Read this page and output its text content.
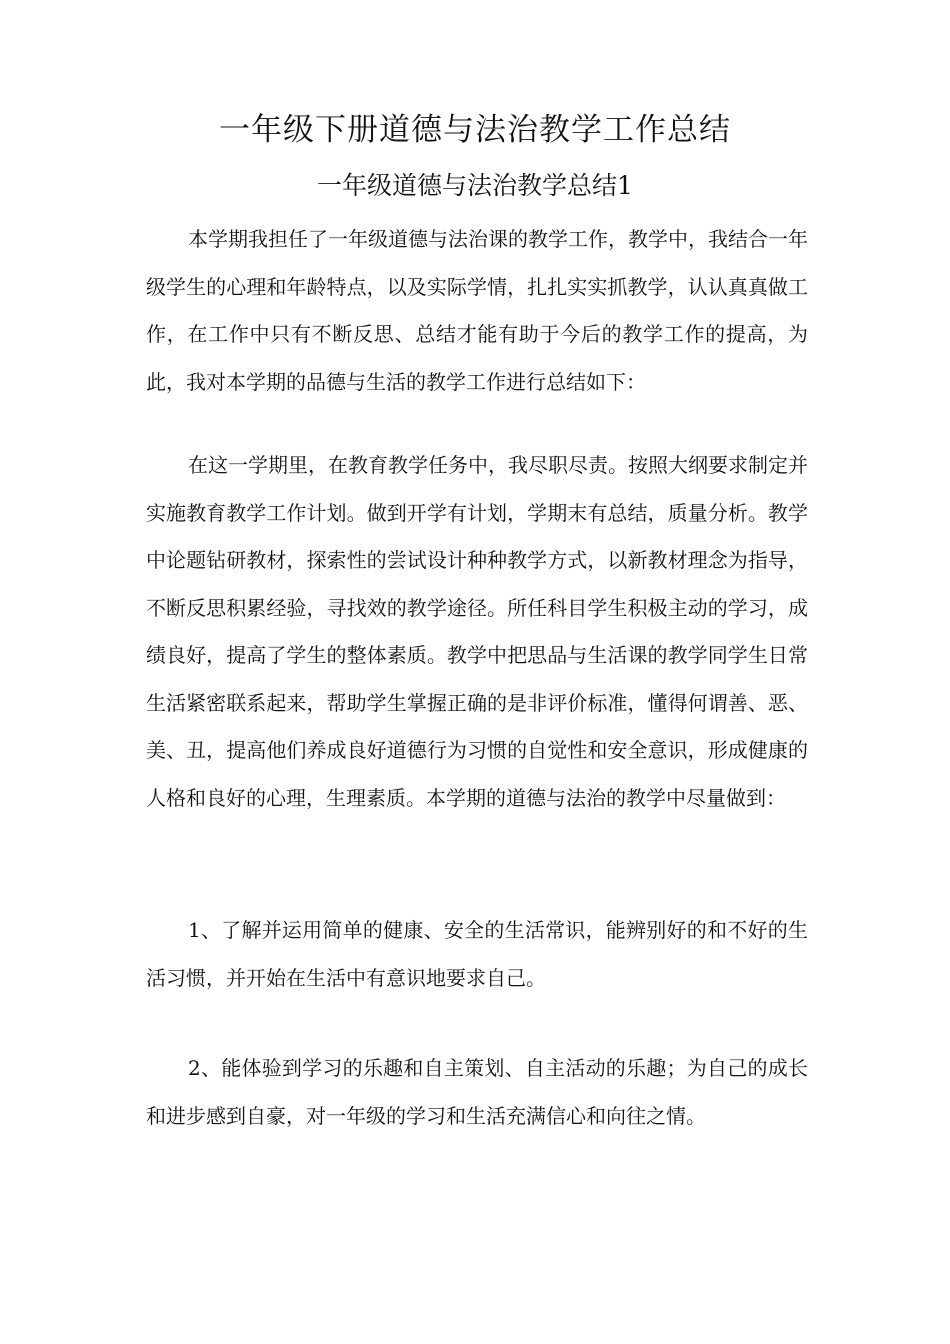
一年级下册道德与法治教学工作总结
一年级道德与法治教学总结1

本学期我担任了一年级道德与法治课的教学工作，教学中，我结合一年级学生的心理和年龄特点，以及实际学情，扎扎实实抓教学，认认真真做工作，在工作中只有不断反思、总结才能有助于今后的教学工作的提高，为此，我对本学期的品德与生活的教学工作进行总结如下：

在这一学期里，在教育教学任务中，我尽职尽责。按照大纲要求制定并实施教育教学工作计划。做到开学有计划，学期末有总结，质量分析。教学中论题钻研教材，探索性的尝试设计种种教学方式，以新教材理念为指导，不断反思积累经验，寻找效的教学途径。所任科目学生积极主动的学习，成绩良好，提高了学生的整体素质。教学中把思品与生活课的教学同学生日常生活紧密联系起来，帮助学生掌握正确的是非评价标准，懂得何谓善、恶、美、丑，提高他们养成良好道德行为习惯的自觉性和安全意识，形成健康的人格和良好的心理，生理素质。本学期的道德与法治的教学中尽量做到：

1、了解并运用简单的健康、安全的生活常识，能辨别好的和不好的生活习惯，并开始在生活中有意识地要求自己。

2、能体验到学习的乐趣和自主策划、自主活动的乐趣；为自己的成长和进步感到自豪，对一年级的学习和生活充满信心和向往之情。
